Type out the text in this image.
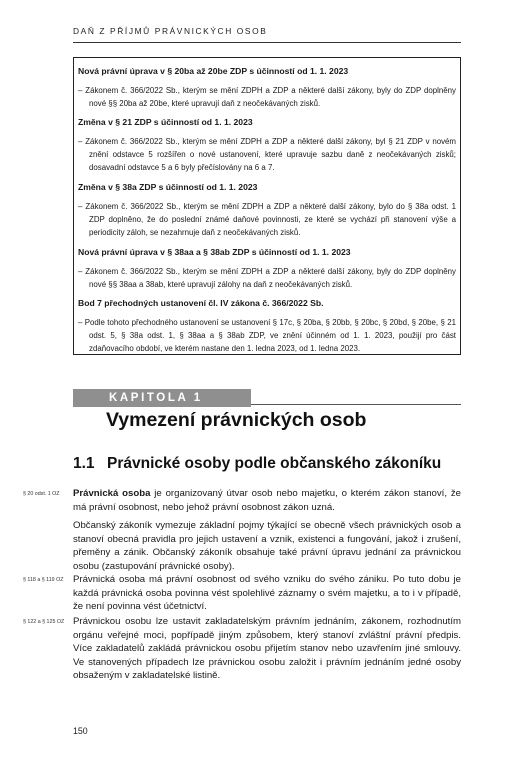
DAŇ Z PŘÍJMŮ PRÁVNICKÝCH OSOB
Nová právní úprava v § 20ba až 20be ZDP s účinností od 1. 1. 2023
– Zákonem č. 366/2022 Sb., kterým se mění ZDPH a ZDP a některé další zákony, byly do ZDP doplněny nové §§ 20ba až 20be, které upravují daň z neočekávaných zisků.
Změna v § 21 ZDP s účinností od 1. 1. 2023
– Zákonem č. 366/2022 Sb., kterým se mění ZDPH a ZDP a některé další zákony, byl § 21 ZDP v novém znění odstavce 5 rozšířen o nové ustanovení, které upravuje sazbu daně z neočekávaných zisků; dosavadní odstavce 5 a 6 byly přečíslovány na 6 a 7.
Změna v § 38a ZDP s účinností od 1. 1. 2023
– Zákonem č. 366/2022 Sb., kterým se mění ZDPH a ZDP a některé další zákony, bylo do § 38a odst. 1 ZDP doplněno, že do poslední známé daňové povinnosti, ze které se vychází při stanovení výše a periodicity záloh, se nezahrnuje daň z neočekávaných zisků.
Nová právní úprava v § 38aa a § 38ab ZDP s účinností od 1. 1. 2023
– Zákonem č. 366/2022 Sb., kterým se mění ZDPH a ZDP a některé další zákony, byly do ZDP doplněny nové §§ 38aa a 38ab, které upravují zálohy na daň z neočekávaných zisků.
Bod 7 přechodných ustanovení čl. IV zákona č. 366/2022 Sb.
– Podle tohoto přechodného ustanovení se ustanovení § 17c, § 20ba, § 20bb, § 20bc, § 20bd, § 20be, § 21 odst. 5, § 38a odst. 1, § 38aa a § 38ab ZDP, ve znění účinném od 1. 1. 2023, použijí pro část zdaňovacího období, ve kterém nastane den 1. ledna 2023, od 1. ledna 2023.
KAPITOLA 1
Vymezení právnických osob
1.1 Právnické osoby podle občanského zákoníku
§ 20 odst. 1 OZ Právnická osoba je organizovaný útvar osob nebo majetku, o kterém zákon stanoví, že má právní osobnost, nebo jehož právní osobnost zákon uzná.
Občanský zákoník vymezuje základní pojmy týkající se obecně všech právnických osob a stanoví obecná pravidla pro jejich ustavení a vznik, existenci a fungování, jakož i zrušení, přeměny a zánik. Občanský zákoník obsahuje také právní úpravu jednání za právnickou osobu (zastupování právnické osoby).
§ 118 a § 119 OZ Právnická osoba má právní osobnost od svého vzniku do svého zániku. Po tuto dobu je každá právnická osoba povinna vést spolehlivé záznamy o svém majetku, a to i v případě, že není povinna vést účetnictví.
§ 122 a § 125 OZ Právnickou osobu lze ustavit zakladatelským právním jednáním, zákonem, rozhodnutím orgánu veřejné moci, popřípadě jiným způsobem, který stanoví zvláštní právní předpis. Více zakladatelů zakládá právnickou osobu přijetím stanov nebo uzavřením jiné smlouvy. Ve stanovených případech lze právnickou osobu založit i právním jednáním jedné osoby obsaženým v zakladatelské listině.
150
